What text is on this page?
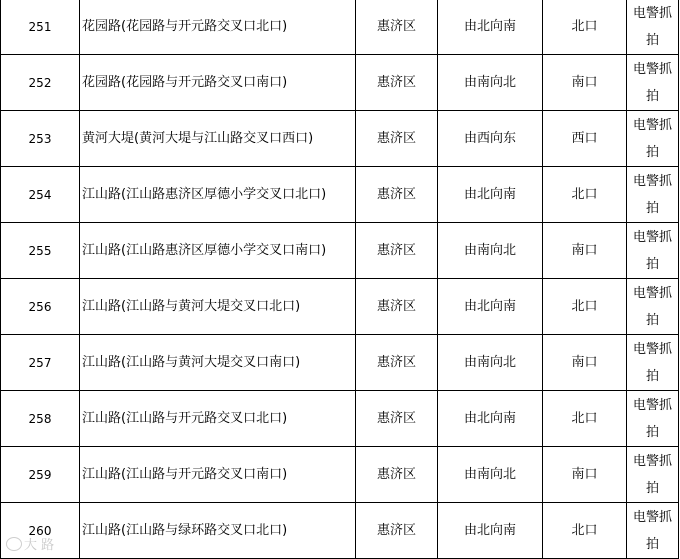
251	花园路(花园路与开元路交叉口北口)	惠济区	由北向南	北口	电警抓拍
252	花园路(花园路与开元路交叉口南口)	惠济区	由南向北	南口	电警抓拍
253	黄河大堤(黄河大堤与江山路交叉口西口)	惠济区	由西向东	西口	电警抓拍
254	江山路(江山路惠济区厚德小学交叉口北口)	惠济区	由北向南	北口	电警抓拍
255	江山路(江山路惠济区厚德小学交叉口南口)	惠济区	由南向北	南口	电警抓拍
256	江山路(江山路与黄河大堤交叉口北口)	惠济区	由北向南	北口	电警抓拍
257	江山路(江山路与黄河大堤交叉口南口)	惠济区	由南向北	南口	电警抓拍
258	江山路(江山路与开元路交叉口北口)	惠济区	由北向南	北口	电警抓拍
259	江山路(江山路与开元路交叉口南口)	惠济区	由南向北	南口	电警抓拍
260	江山路(江山路与绿环路交叉口北口)	惠济区	由北向南	北口	电警抓拍
大 路
